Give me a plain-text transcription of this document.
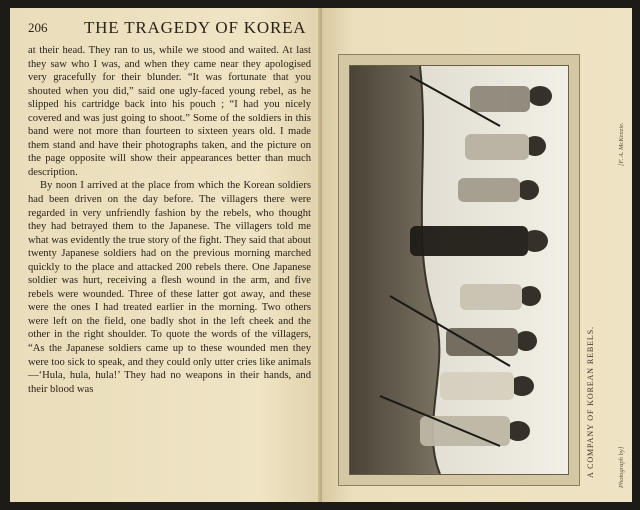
206 THE TRAGEDY OF KOREA

at their head. They ran to us, while we stood and waited. At last they saw who I was, and when they came near they apologised very gracefully for their blunder. “It was fortunate that you shouted when you did,” said one ugly-faced young rebel, as he slipped his cartridge back into his pouch ; “I had you nicely covered and was just going to shoot.” Some of the soldiers in this band were not more than fourteen to sixteen years old. I made them stand and have their photographs taken, and the picture on the page opposite will show their appearances better than much description.

By noon I arrived at the place from which the Korean soldiers had been driven on the day before. The villagers there were regarded in very unfriendly fashion by the rebels, who thought they had betrayed them to the Japanese. The villagers told me what was evidently the true story of the fight. They said that about twenty Japanese soldiers had on the previous morning marched quickly to the place and attacked 200 rebels there. One Japanese soldier was hurt, receiving a flesh wound in the arm, and five rebels were wounded. Three of these latter got away, and these were the ones I had treated earlier in the morning. Two others were left on the field, one badly shot in the left cheek and the other in the right shoulder. To quote the words of the villagers, “As the Japanese soldiers came up to these wounded men they were too sick to speak, and they could only utter cries like animals—‘Hula, hula, hula!’ They had no weapons in their hands, and their blood was	A COMPANY OF KOREAN REBELS.
[F. A. McKenzie.
Photograph by]
